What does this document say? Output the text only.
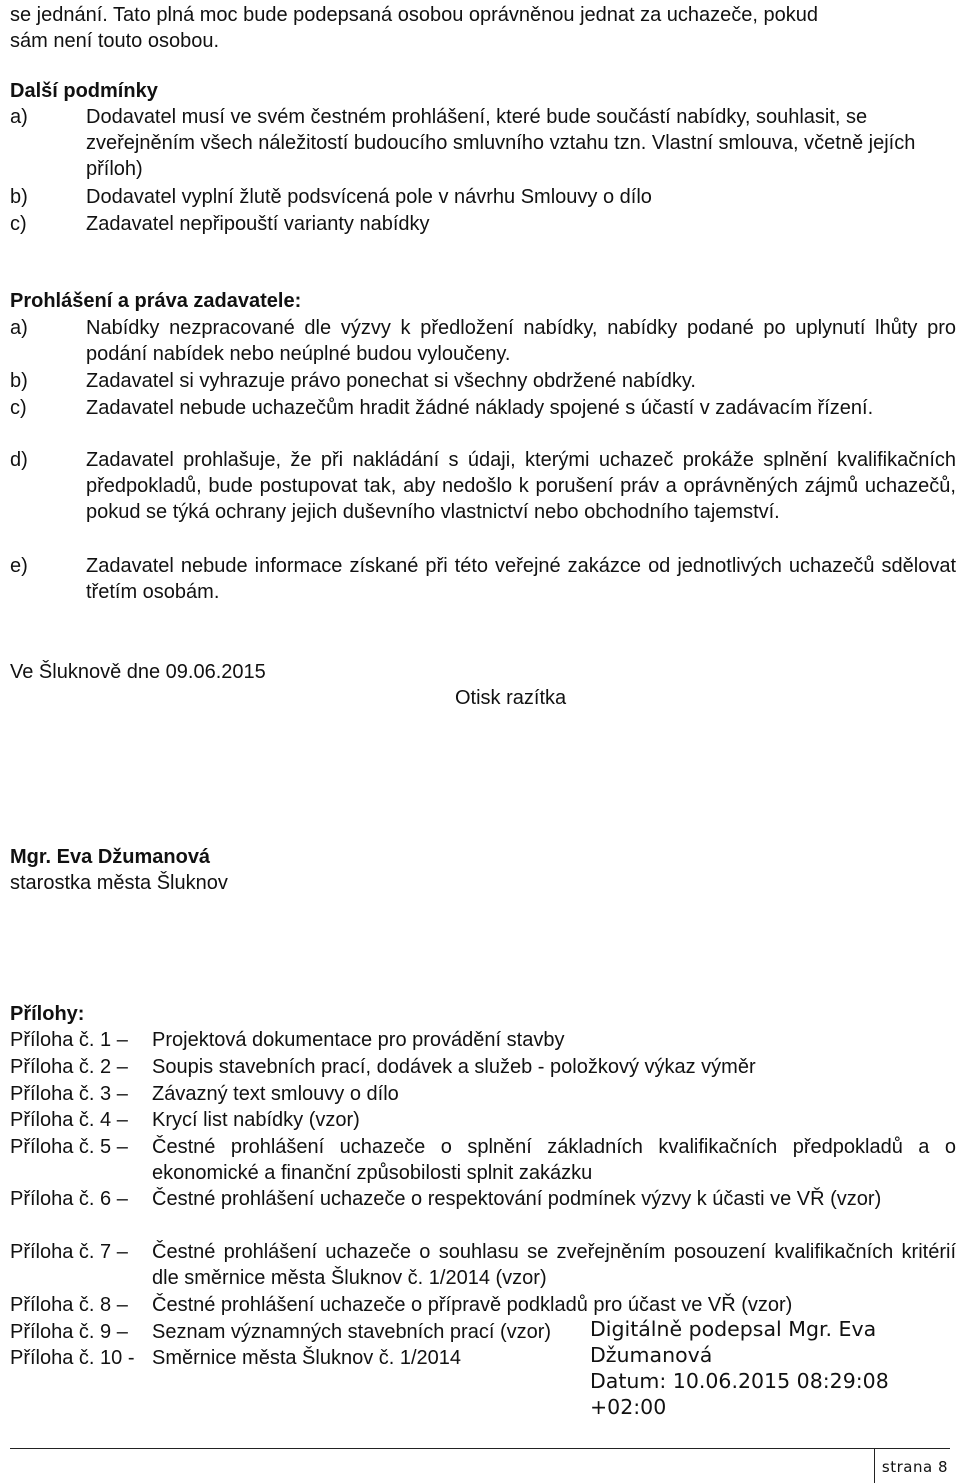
se jednání. Tato plná moc bude podepsaná osobou oprávněnou jednat za uchazeče, pokud
sám není touto osobou.
Další podmínky
a)	Dodavatel musí ve svém čestném prohlášení, které bude součástí nabídky, souhlasit, se zveřejněním všech náležitostí budoucího smluvního vztahu tzn. Vlastní smlouva, včetně jejích příloh)
b)	Dodavatel vyplní žlutě podsvícená pole v návrhu Smlouvy o dílo
c)	Zadavatel nepřipouští varianty nabídky
Prohlášení a práva zadavatele:
a)	Nabídky nezpracované dle výzvy k předložení nabídky, nabídky podané po uplynutí lhůty pro podání nabídek nebo neúplné budou vyloučeny.
b)	Zadavatel si vyhrazuje právo ponechat si všechny obdržené nabídky.
c)	Zadavatel nebude uchazečům hradit žádné náklady spojené s účastí v zadávacím řízení.
d)	Zadavatel prohlašuje, že při nakládání s údaji, kterými uchazeč prokáže splnění kvalifikačních předpokladů, bude postupovat tak, aby nedošlo k porušení práv a oprávněných zájmů uchazečů, pokud se týká ochrany jejich duševního vlastnictví nebo obchodního tajemství.
e)	Zadavatel nebude informace získané při této veřejné zakázce od jednotlivých uchazečů sdělovat třetím osobám.
Ve Šluknově dne 09.06.2015
Otisk razítka
Mgr. Eva Džumanová
starostka města Šluknov
Přílohy:
Příloha č. 1 – Projektová dokumentace pro provádění stavby
Příloha č. 2 – Soupis stavebních prací, dodávek a služeb - položkový výkaz výměr
Příloha č. 3 – Závazný text smlouvy o dílo
Příloha č. 4 – Krycí list nabídky (vzor)
Příloha č. 5 – Čestné prohlášení uchazeče o splnění základních kvalifikačních předpokladů a o ekonomické a finanční způsobilosti splnit zakázku
Příloha č. 6 – Čestné prohlášení uchazeče o respektování podmínek výzvy k účasti ve VŘ (vzor)
Příloha č. 7 – Čestné prohlášení uchazeče o souhlasu se zveřejněním posouzení kvalifikačních kritérií dle směrnice města Šluknov č. 1/2014 (vzor)
Příloha č. 8 – Čestné prohlášení uchazeče o přípravě podkladů pro účast ve VŘ (vzor)
Příloha č. 9 – Seznam významných stavebních prací (vzor)
Příloha č. 10 - Směrnice města Šluknov č. 1/2014
Digitálně podepsal Mgr. Eva
Džumanová
Datum: 10.06.2015 08:29:08
+02:00
strana 8
